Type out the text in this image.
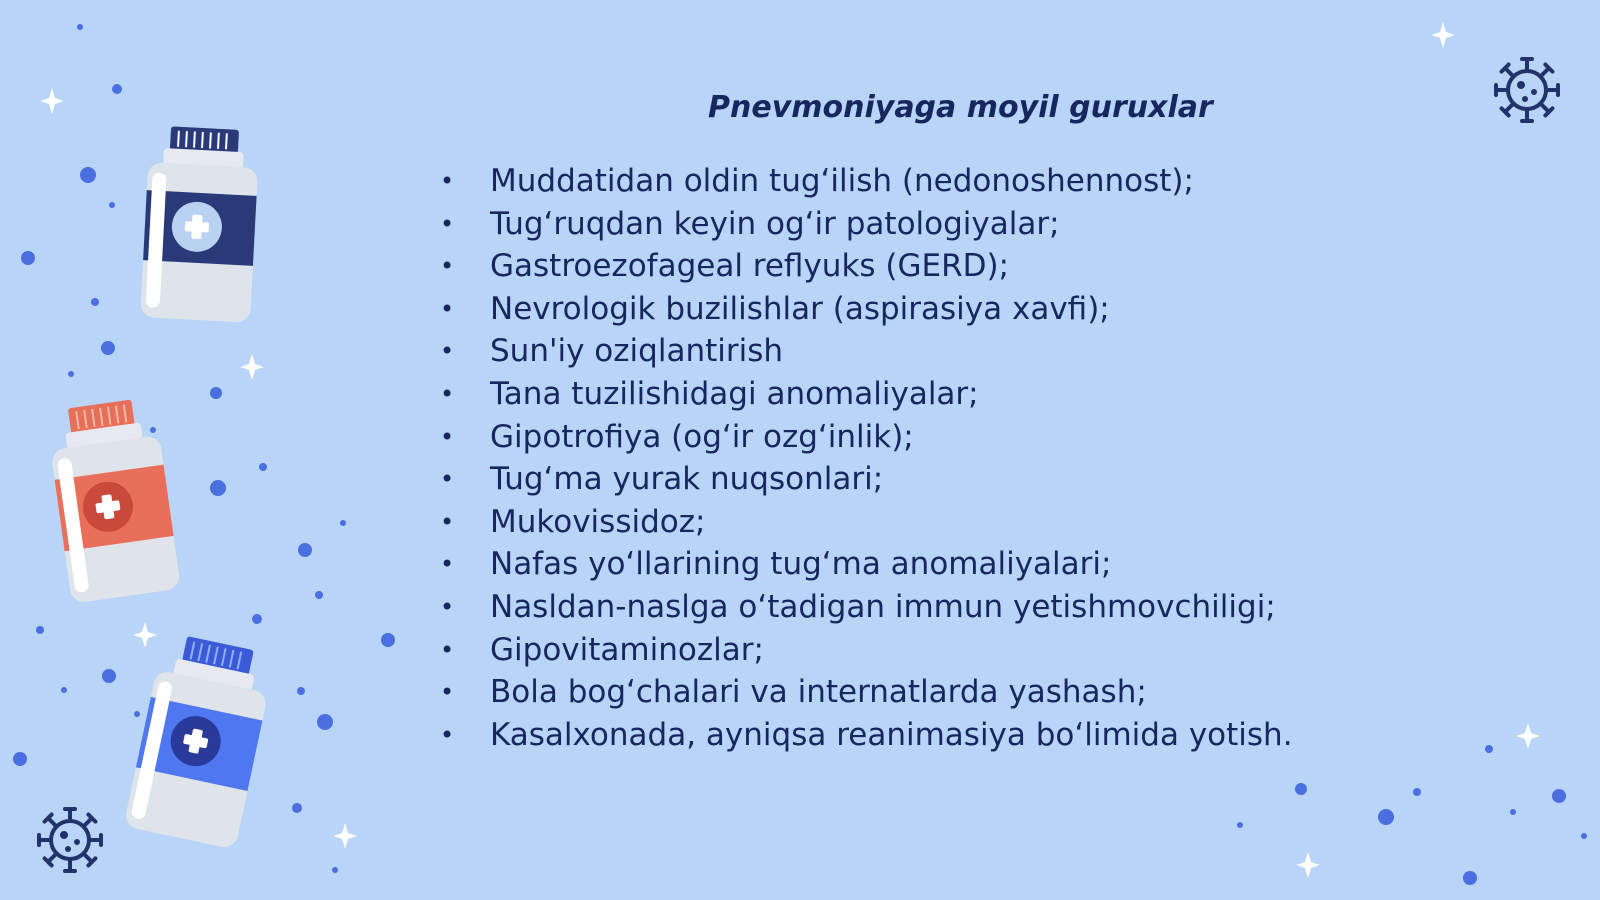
Pnevmoniyaga moyil guruxlar
• Muddatidan oldin tugʻilish (nedonoshennost);
• Tugʻruqdan keyin ogʻir patologiyalar;
• Gastroezofageal reflyuks (GERD);
• Nevrologik buzilishlar (aspirasiya xavfi);
• Sun'iy oziqlantirish
• Tana tuzilishidagi anomaliyalar;
• Gipotrofiya (ogʻir ozgʻinlik);
• Tugʻma yurak nuqsonlari;
• Mukovissidoz;
• Nafas yoʻllarining tugʻma anomaliyalari;
• Nasldan-naslga oʻtadigan immun yetishmovchiligi;
• Gipovitaminozlar;
• Bola bogʻchalari va internatlarda yashash;
• Kasalxonada, ayniqsa reanimasiya boʻlimida yotish.
